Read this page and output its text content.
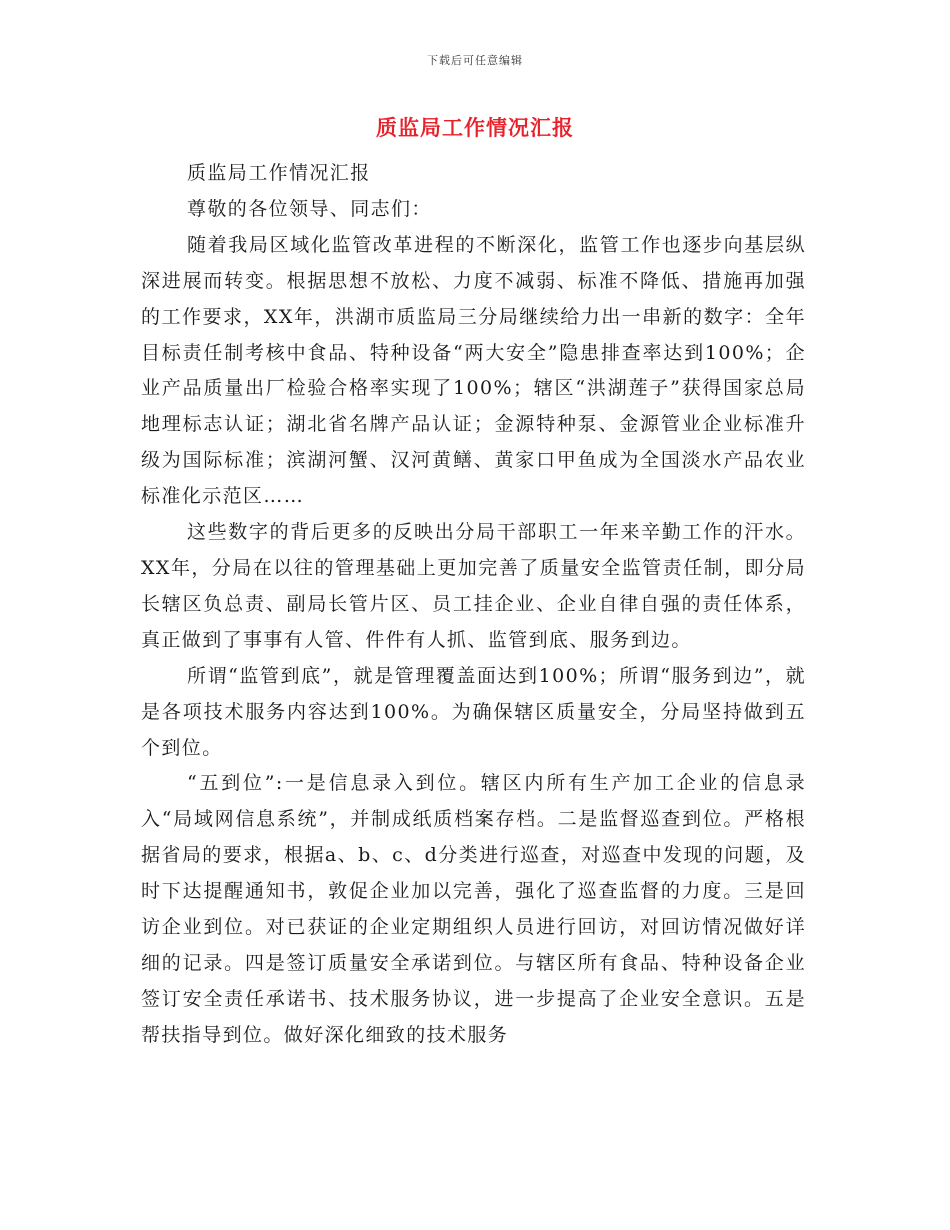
下载后可任意编辑
质监局工作情况汇报

质监局工作情况汇报

尊敬的各位领导、同志们：

随着我局区域化监管改革进程的不断深化，监管工作也逐步向基层纵深进展而转变。根据思想不放松、力度不减弱、标准不降低、措施再加强的工作要求，XX年，洪湖市质监局三分局继续给力出一串新的数字：全年目标责任制考核中食品、特种设备“两大安全”隐患排查率达到100%；企业产品质量出厂检验合格率实现了100%；辖区“洪湖莲子”获得国家总局地理标志认证；湖北省名牌产品认证；金源特种泵、金源管业企业标准升级为国际标准；滨湖河蟹、汉河黄鳝、黄家口甲鱼成为全国淡水产品农业标准化示范区……

这些数字的背后更多的反映出分局干部职工一年来辛勤工作的汗水。XX年，分局在以往的管理基础上更加完善了质量安全监管责任制，即分局长辖区负总责、副局长管片区、员工挂企业、企业自律自强的责任体系，真正做到了事事有人管、件件有人抓、监管到底、服务到边。

所谓“监管到底”，就是管理覆盖面达到100%；所谓“服务到边”，就是各项技术服务内容达到100%。为确保辖区质量安全，分局坚持做到五个到位。

“五到位”:一是信息录入到位。辖区内所有生产加工企业的信息录入“局域网信息系统”，并制成纸质档案存档。二是监督巡查到位。严格根据省局的要求，根据a、b、c、d分类进行巡查，对巡查中发现的问题，及时下达提醒通知书，敦促企业加以完善，强化了巡查监督的力度。三是回访企业到位。对已获证的企业定期组织人员进行回访，对回访情况做好详细的记录。四是签订质量安全承诺到位。与辖区所有食品、特种设备企业签订安全责任承诺书、技术服务协议，进一步提高了企业安全意识。五是帮扶指导到位。做好深化细致的技术服务
